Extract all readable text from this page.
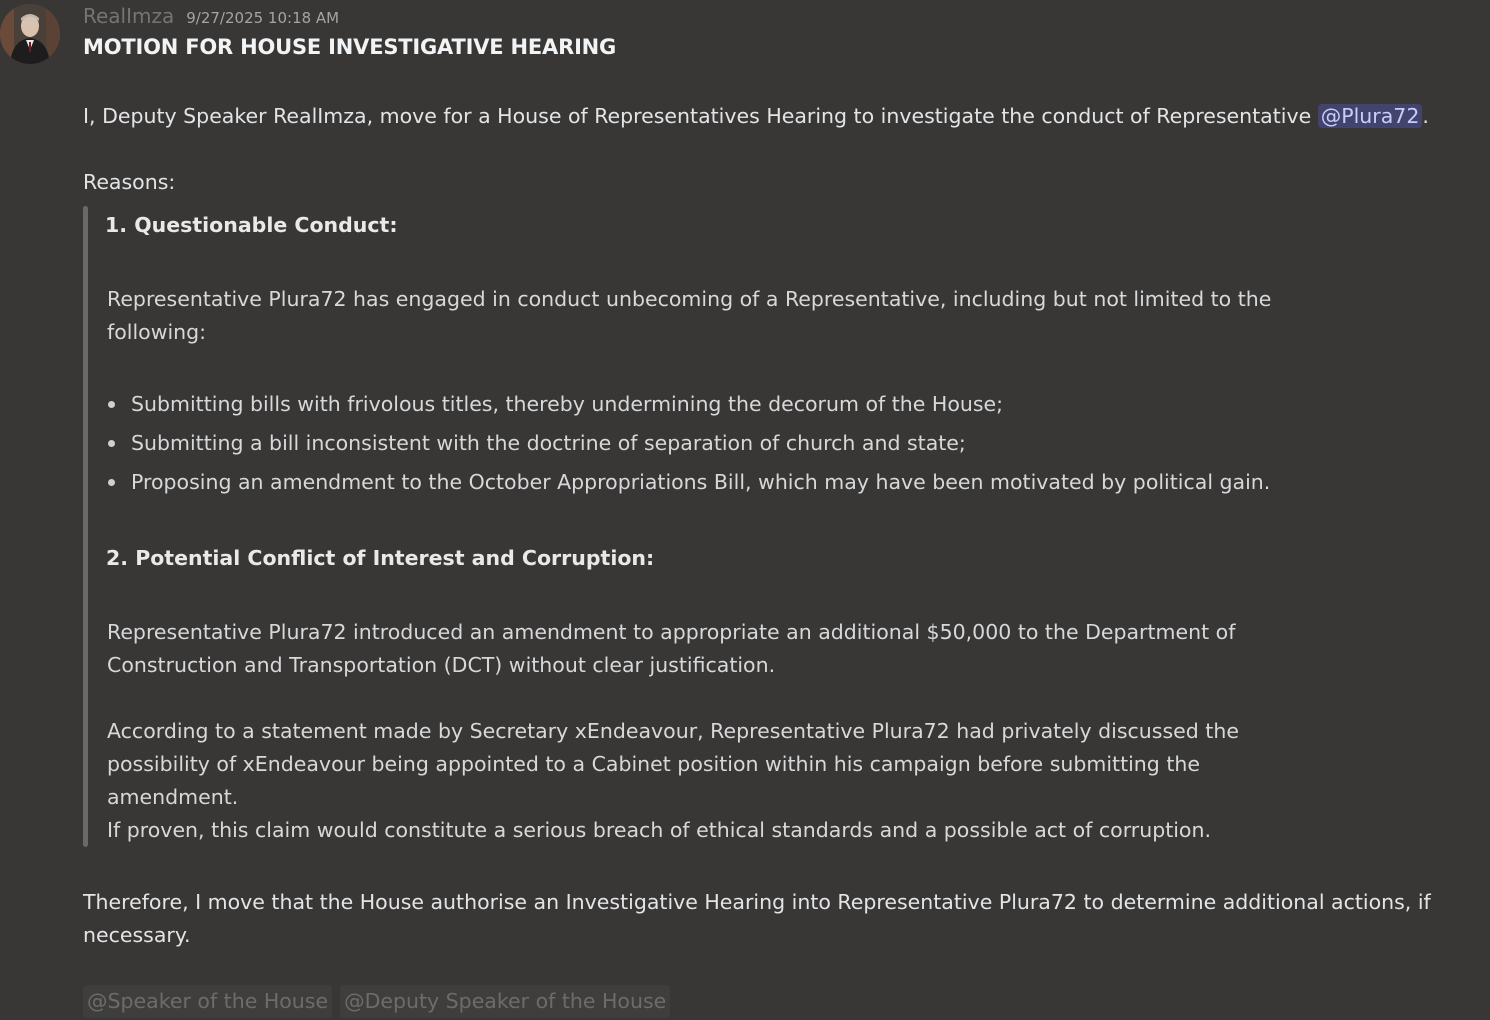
RealImza 9/27/2025 10:18 AM
MOTION FOR HOUSE INVESTIGATIVE HEARING
I, Deputy Speaker RealImza, move for a House of Representatives Hearing to investigate the conduct of Representative @Plura72 .
Reasons:
1. Questionable Conduct:
Representative Plura72 has engaged in conduct unbecoming of a Representative, including but not limited to the
following:
Submitting bills with frivolous titles, thereby undermining the decorum of the House;
Submitting a bill inconsistent with the doctrine of separation of church and state;
Proposing an amendment to the October Appropriations Bill, which may have been motivated by political gain.
2. Potential Conflict of Interest and Corruption:
Representative Plura72 introduced an amendment to appropriate an additional $50,000 to the Department of
Construction and Transportation (DCT) without clear justification.
According to a statement made by Secretary xEndeavour, Representative Plura72 had privately discussed the
possibility of xEndeavour being appointed to a Cabinet position within his campaign before submitting the
amendment.
If proven, this claim would constitute a serious breach of ethical standards and a possible act of corruption.
Therefore, I move that the House authorise an Investigative Hearing into Representative Plura72 to determine additional actions, if
necessary.
@Speaker of the House @Deputy Speaker of the House
